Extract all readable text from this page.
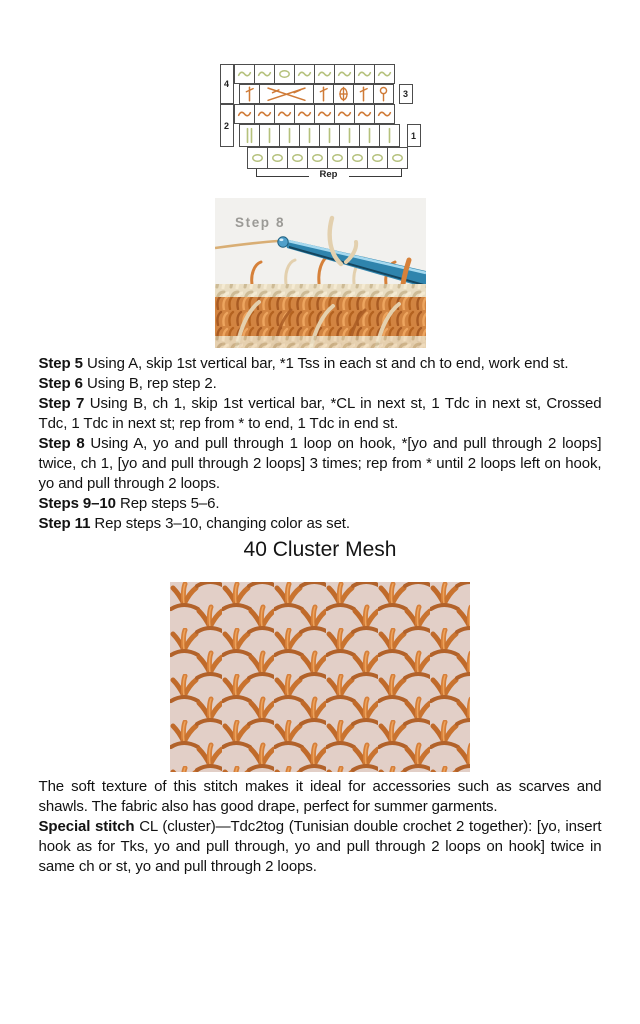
Rep
4
3
2
1
Step 8

Step 5 Using A, skip 1st vertical bar, *1 Tss in each st and ch to end, work end st.

Step 6 Using B, rep step 2.

Step 7 Using B, ch 1, skip 1st vertical bar, *CL in next st, 1 Tdc in next st, Crossed Tdc, 1 Tdc in next st; rep from * to end, 1 Tdc in end st.

Step 8 Using A, yo and pull through 1 loop on hook, *[yo and pull through 2 loops] twice, ch 1, [yo and pull through 2 loops] 3 times; rep from * until 2 loops left on hook, yo and pull through 2 loops.

Steps 9–10 Rep steps 5–6.

Step 11 Rep steps 3–10, changing color as set.

40 Cluster Mesh

The soft texture of this stitch makes it ideal for accessories such as scarves and shawls. The fabric also has good drape, perfect for summer garments.

Special stitch CL (cluster)—Tdc2tog (Tunisian double crochet 2 together): [yo, insert hook as for Tks, yo and pull through, yo and pull through 2 loops on hook] twice in same ch or st, yo and pull through 2 loops.
